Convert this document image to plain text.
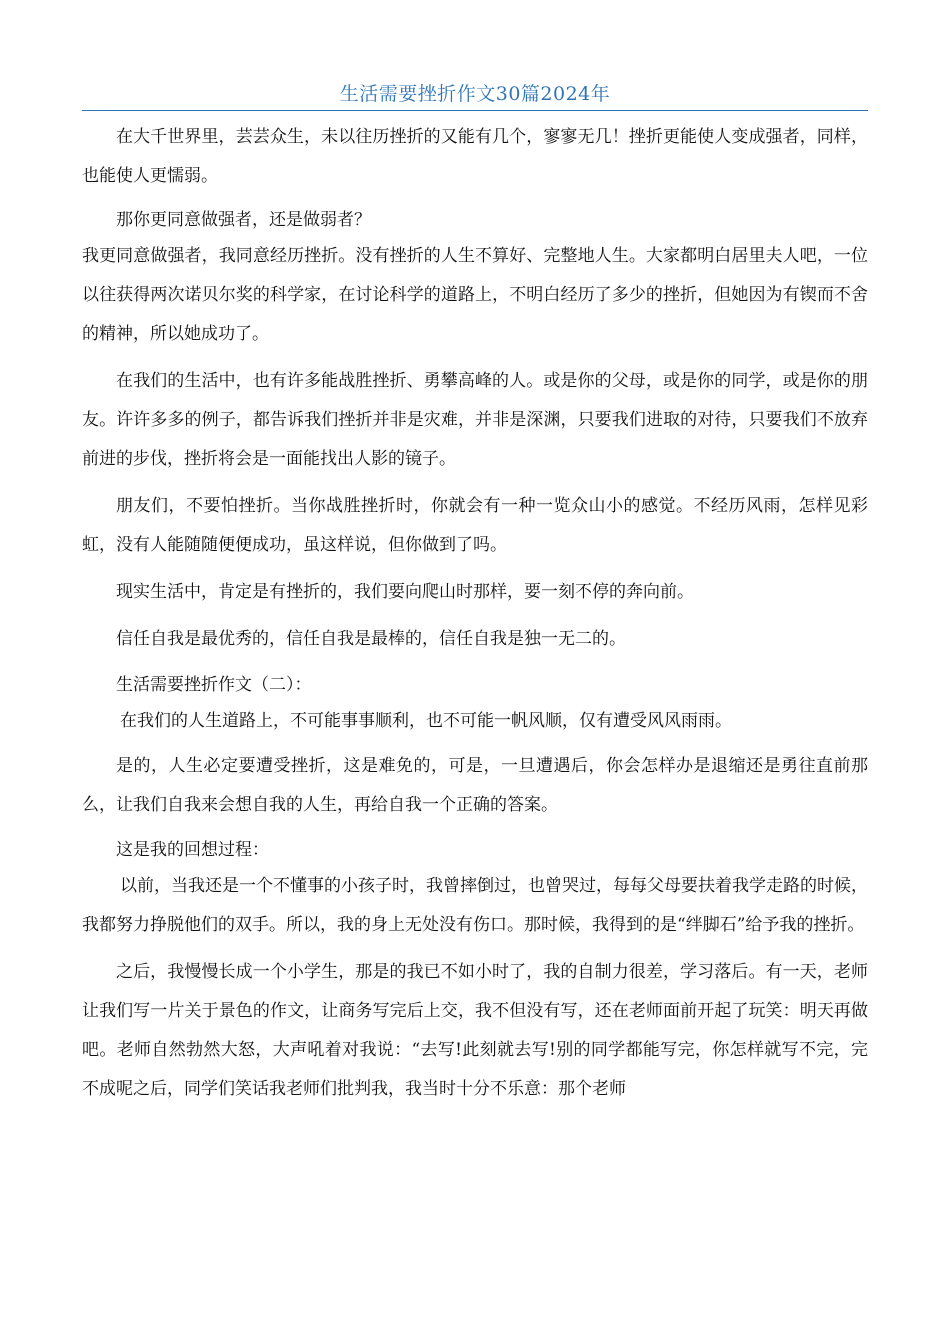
生活需要挫折作文30篇2024年

在大千世界里，芸芸众生，未以往历挫折的又能有几个，寥寥无几！挫折更能使人变成强者，同样，也能使人更懦弱。

那你更同意做强者，还是做弱者？

我更同意做强者，我同意经历挫折。没有挫折的人生不算好、完整地人生。大家都明白居里夫人吧，一位以往获得两次诺贝尔奖的科学家，在讨论科学的道路上，不明白经历了多少的挫折，但她因为有锲而不舍的精神，所以她成功了。

在我们的生活中，也有许多能战胜挫折、勇攀高峰的人。或是你的父母，或是你的同学，或是你的朋友。许许多多的例子，都告诉我们挫折并非是灾难，并非是深渊，只要我们进取的对待，只要我们不放弃前进的步伐，挫折将会是一面能找出人影的镜子。

朋友们，不要怕挫折。当你战胜挫折时，你就会有一种一览众山小的感觉。不经历风雨，怎样见彩虹，没有人能随随便便成功，虽这样说，但你做到了吗。

现实生活中，肯定是有挫折的，我们要向爬山时那样，要一刻不停的奔向前。

信任自我是最优秀的，信任自我是最棒的，信任自我是独一无二的。

生活需要挫折作文（二）：

在我们的人生道路上，不可能事事顺利，也不可能一帆风顺，仅有遭受风风雨雨。

是的，人生必定要遭受挫折，这是难免的，可是，一旦遭遇后，你会怎样办是退缩还是勇往直前那么，让我们自我来会想自我的人生，再给自我一个正确的答案。

这是我的回想过程：

以前，当我还是一个不懂事的小孩子时，我曾摔倒过，也曾哭过，每每父母要扶着我学走路的时候，我都努力挣脱他们的双手。所以，我的身上无处没有伤口。那时候，我得到的是“绊脚石”给予我的挫折。

之后，我慢慢长成一个小学生，那是的我已不如小时了，我的自制力很差，学习落后。有一天，老师让我们写一片关于景色的作文，让商务写完后上交，我不但没有写，还在老师面前开起了玩笑：明天再做吧。老师自然勃然大怒，大声吼着对我说：“去写!此刻就去写!别的同学都能写完，你怎样就写不完，完不成呢之后，同学们笑话我老师们批判我，我当时十分不乐意：那个老师
